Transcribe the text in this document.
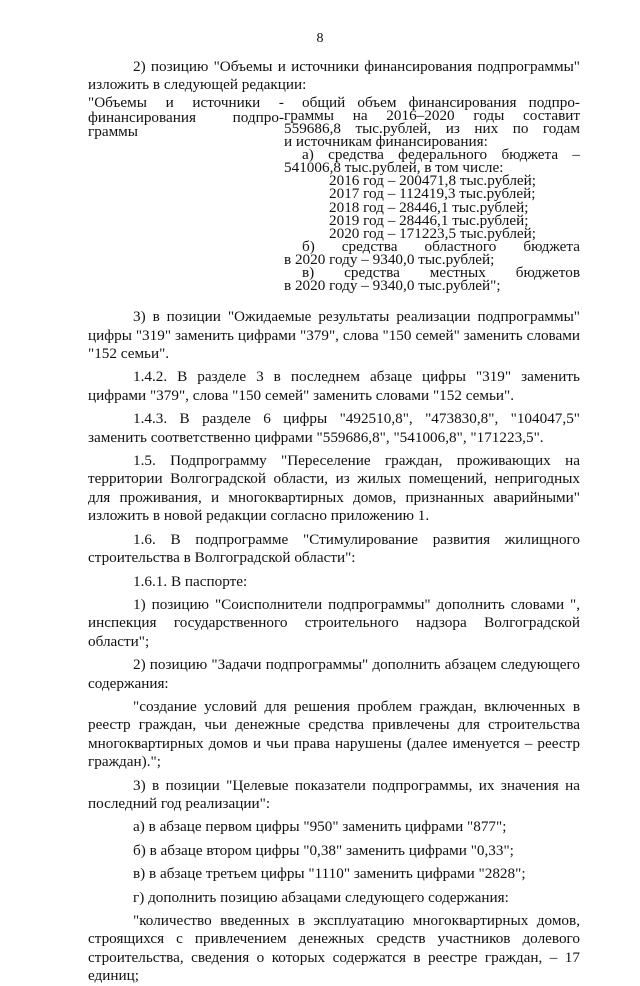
8

2) позицию "Объемы и источники финансирования подпрограммы"

изложить в следующей редакции:

"Объемы и источники -

финансирования подпро-

граммы

общий объем финансирования подпро-

граммы на 2016–2020 годы составит

559686,8 тыс.рублей, из них по годам

и источникам финансирования:

а) средства федерального бюджета –

541006,8 тыс.рублей, в том числе:

2016 год – 200471,8 тыс.рублей;

2017 год – 112419,3 тыс.рублей;

2018 год – 28446,1 тыс.рублей;

2019 год – 28446,1 тыс.рублей;

2020 год – 171223,5 тыс.рублей;

б) средства областного бюджета

в 2020 году – 9340,0 тыс.рублей;

в) средства местных бюджетов

в 2020 году – 9340,0 тыс.рублей";

3) в позиции "Ожидаемые результаты реализации подпрограммы" цифры "319" заменить цифрами "379", слова "150 семей" заменить словами "152 семьи".

1.4.2. В разделе 3 в последнем абзаце цифры "319" заменить цифрами "379", слова "150 семей" заменить словами "152 семьи".

1.4.3. В разделе 6 цифры "492510,8", "473830,8", "104047,5" заменить соответственно цифрами "559686,8", "541006,8", "171223,5".

1.5. Подпрограмму "Переселение граждан, проживающих на территории Волгоградской области, из жилых помещений, непригодных для проживания, и многоквартирных домов, признанных аварийными" изложить в новой редакции согласно приложению 1.

1.6. В подпрограмме "Стимулирование развития жилищного строительства в Волгоградской области":

1.6.1. В паспорте:

1) позицию "Соисполнители подпрограммы" дополнить словами ", инспекция государственного строительного надзора Волгоградской области";

2) позицию "Задачи подпрограммы" дополнить абзацем следующего содержания:

"создание условий для решения проблем граждан, включенных в реестр граждан, чьи денежные средства привлечены для строительства многоквартирных домов и чьи права нарушены (далее именуется – реестр граждан).";

3) в позиции "Целевые показатели подпрограммы, их значения на последний год реализации":

а) в абзаце первом цифры "950" заменить цифрами "877";

б) в абзаце втором цифры "0,38" заменить цифрами "0,33";

в) в абзаце третьем цифры "1110" заменить цифрами "2828";

г) дополнить позицию абзацами следующего содержания:

"количество введенных в эксплуатацию многоквартирных домов, строящихся с привлечением денежных средств участников долевого строительства, сведения о которых содержатся в реестре граждан, – 17 единиц;
